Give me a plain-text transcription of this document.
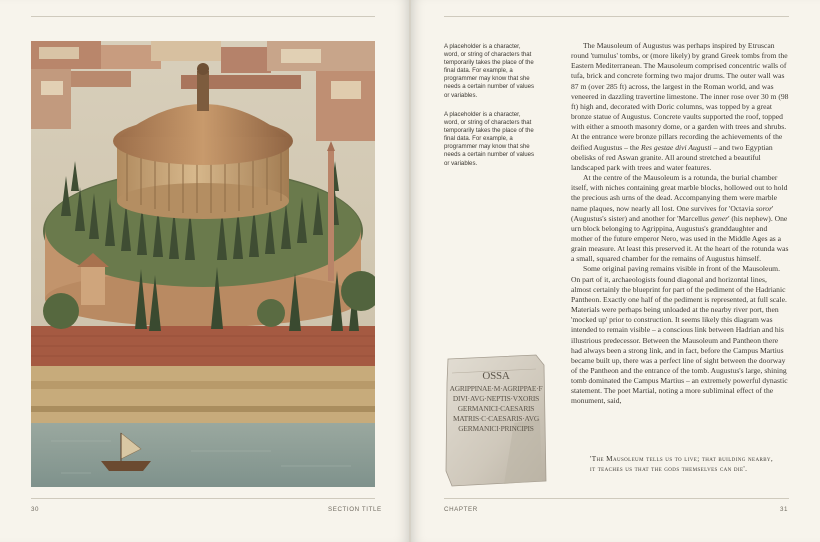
30	SECTION TITLE

A placeholder is a character, word, or string of characters that temporarily takes the place of the final data. For example, a programmer may know that she needs a certain number of values or variables.

A placeholder is a character, word, or string of characters that temporarily takes the place of the final data. For example, a programmer may know that she needs a certain number of values or variables.

The Mausoleum of Augustus was perhaps inspired by Etruscan round 'tumulus' tombs, or (more likely) by grand Greek tombs from the Eastern Mediterranean. The Mausoleum comprised concentric walls of tufa, brick and concrete forming two major drums. The outer wall was 87 m (over 285 ft) across, the largest in the Roman world, and was veneered in dazzling travertine limestone. The inner rose over 30 m (98 ft) high and, decorated with Doric columns, was topped by a great bronze statue of Augustus. Concrete vaults supported the roof, topped with either a smooth masonry dome, or a garden with trees and shrubs. At the entrance were bronze pillars recording the achievements of the deified Augustus – the Res gestae divi Augusti – and two Egyptian obelisks of red Aswan granite. All around stretched a beautiful landscaped park with trees and water features.

At the centre of the Mausoleum is a rotunda, the burial chamber itself, with niches containing great marble blocks, hollowed out to hold the precious ash urns of the dead. Accompanying them were marble name plaques, now nearly all lost. One survives for 'Octavia soror' (Augustus's sister) and another for 'Marcellus gener' (his nephew). One urn block belonging to Agrippina, Augustus's granddaughter and mother of the future emperor Nero, was used in the Middle Ages as a grain measure. At least this preserved it. At the heart of the rotunda was a small, squared chamber for the remains of Augustus himself.

Some original paving remains visible in front of the Mausoleum. On part of it, archaeologists found diagonal and horizontal lines, almost certainly the blueprint for part of the pediment of the Hadrianic Pantheon. Exactly one half of the pediment is represented, at full scale. Materials were perhaps being unloaded at the nearby river port, then 'mocked up' prior to construction. It seems likely this diagram was intended to remain visible – a conscious link between Hadrian and his illustrious predecessor. Between the Mausoleum and Pantheon there had always been a strong link, and in fact, before the Campus Martius became built up, there was a perfect line of sight between the doorway of the Pantheon and the entrance of the tomb. Augustus's large, shining tomb dominated the Campus Martius – an extremely powerful dynastic statement. The poet Martial, noting a more subliminal effect of the monument, said,

'The Mausoleum tells us to live; that building nearby, it teaches us that the gods themselves can die'.

OSSA
AGRIPPINAE·M·AGRIPPAE·F
DIVI·AVG·NEPTIS·VXORIS
GERMANICI·CAESARIS
MATRIS·C·CAESARIS·AVG
GERMANICI·PRINCIPIS
CHAPTER	31
